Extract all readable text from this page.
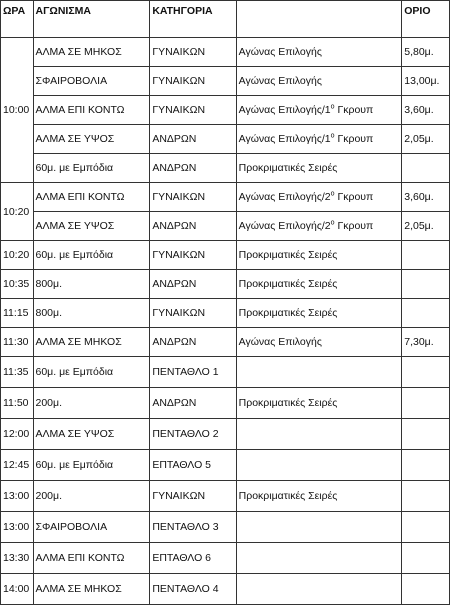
ΩΡΑ	ΑΓΩΝΙΣΜΑ	ΚΑΤΗΓΟΡΙΑ		ΟΡΙΟ
10:00	ΑΛΜΑ ΣΕ ΜΗΚΟΣ	ΓΥΝΑΙΚΩΝ	Αγώνας Επιλογής	5,80μ.
	ΣΦΑΙΡΟΒΟΛΙΑ	ΓΥΝΑΙΚΩΝ	Αγώνας Επιλογής	13,00μ.
	ΑΛΜΑ ΕΠΙ ΚΟΝΤΩ	ΓΥΝΑΙΚΩΝ	Αγώνας Επιλογής/$1^o$ Γκρουπ	3,60μ.
	ΑΛΜΑ ΣΕ ΥΨΟΣ	ΑΝΔΡΩΝ	Αγώνας Επιλογής/$1^o$ Γκρουπ	2,05μ.
	60μ. με Εμπόδια	ΑΝΔΡΩΝ	Προκριματικές Σειρές	
10:20	ΑΛΜΑ ΕΠΙ ΚΟΝΤΩ	ΓΥΝΑΙΚΩΝ	Αγώνας Επιλογής/$2^o$ Γκρουπ	3,60μ.
	ΑΛΜΑ ΣΕ ΥΨΟΣ	ΑΝΔΡΩΝ	Αγώνας Επιλογής/$2^o$ Γκρουπ	2,05μ.
10:20	60μ. με Εμπόδια	ΓΥΝΑΙΚΩΝ	Προκριματικές Σειρές	
10:35	800μ.	ΑΝΔΡΩΝ	Προκριματικές Σειρές	
11:15	800μ.	ΓΥΝΑΙΚΩΝ	Προκριματικές Σειρές	
11:30	ΑΛΜΑ ΣΕ ΜΗΚΟΣ	ΑΝΔΡΩΝ	Αγώνας Επιλογής	7,30μ.
11:35	60μ. με Εμπόδια	ΠΕΝΤΑΘΛΟ 1		
11:50	200μ.	ΑΝΔΡΩΝ	Προκριματικές Σειρές	
12:00	ΑΛΜΑ ΣΕ ΥΨΟΣ	ΠΕΝΤΑΘΛΟ 2		
12:45	60μ. με Εμπόδια	ΕΠΤΑΘΛΟ 5		
13:00	200μ.	ΓΥΝΑΙΚΩΝ	Προκριματικές Σειρές	
13:00	ΣΦΑΙΡΟΒΟΛΙΑ	ΠΕΝΤΑΘΛΟ 3		
13:30	ΑΛΜΑ ΕΠΙ ΚΟΝΤΩ	ΕΠΤΑΘΛΟ 6		
14:00	ΑΛΜΑ ΣΕ ΜΗΚΟΣ	ΠΕΝΤΑΘΛΟ 4		
